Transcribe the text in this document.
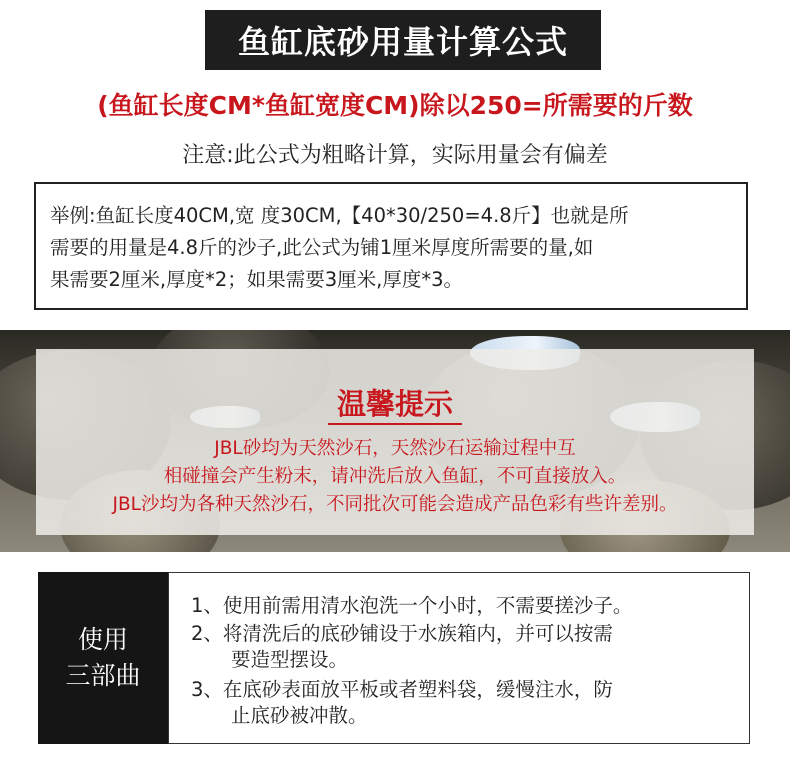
鱼缸底砂用量计算公式
(鱼缸长度CM*鱼缸宽度CM)除以250=所需要的斤数
注意:此公式为粗略计算，实际用量会有偏差
举例:鱼缸长度40CM,宽 度30CM,【40*30/250=4.8斤】也就是所
需要的用量是4.8斤的沙子,此公式为铺1厘米厚度所需要的量,如
果需要2厘米,厚度*2；如果需要3厘米,厚度*3。
温馨提示
JBL砂均为天然沙石，天然沙石运输过程中互
相碰撞会产生粉末，请冲洗后放入鱼缸，不可直接放入。
JBL沙均为各种天然沙石，不同批次可能会造成产品色彩有些许差别。
使用
三部曲
1、使用前需用清水泡洗一个小时，不需要搓沙子。
2、将清洗后的底砂铺设于水族箱内，并可以按需
要造型摆设。
3、在底砂表面放平板或者塑料袋，缓慢注水，防
止底砂被冲散。
